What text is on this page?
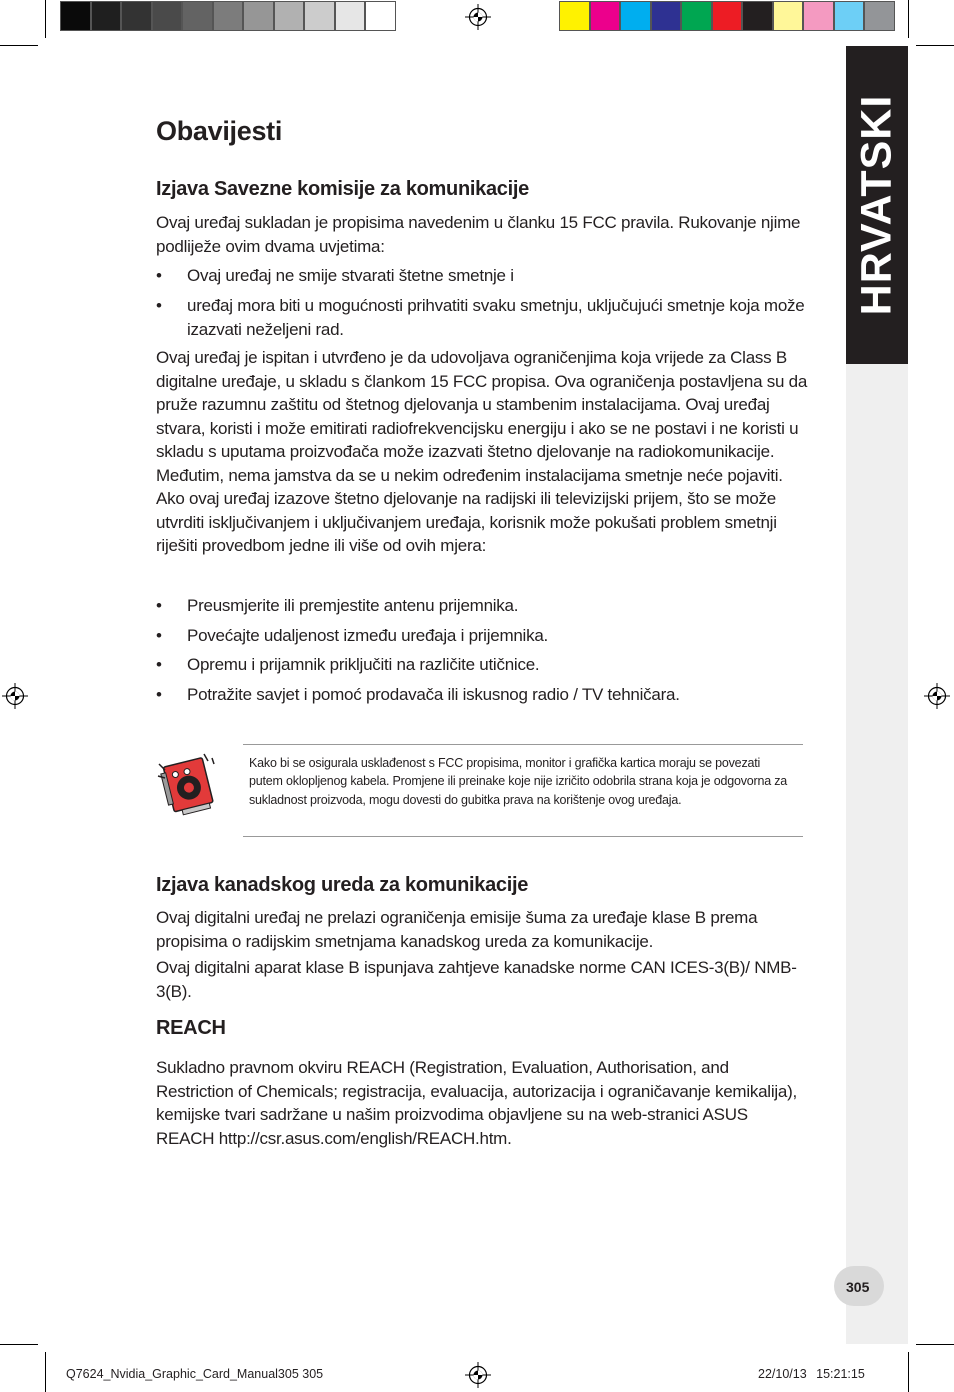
HRVATSKI
305
Obavijesti
Izjava Savezne komisije za komunikacije

Ovaj uređaj sukladan je propisima navedenim u članku 15 FCC pravila. Rukovanje njime podliježe ovim dvama uvjetima:

• Ovaj uređaj ne smije stvarati štetne smetnje i
• uređaj mora biti u mogućnosti prihvatiti svaku smetnju, uključujući smetnje koja može izazvati neželjeni rad.

Ovaj uređaj je ispitan i utvrđeno je da udovoljava ograničenjima koja vrijede za Class B digitalne uređaje, u skladu s člankom 15 FCC propisa. Ova ograničenja postavljena su da pruže razumnu zaštitu od štetnog djelovanja u stambenim instalacijama. Ovaj uređaj stvara, koristi i može emitirati radiofrekvencijsku energiju i ako se ne postavi i ne koristi u skladu s uputama proizvođača može izazvati štetno djelovanje na radiokomunikacije. Međutim, nema jamstva da se u nekim određenim instalacijama smetnje neće pojaviti. Ako ovaj uređaj izazove štetno djelovanje na radijski ili televizijski prijem, što se može utvrditi isključivanjem i uključivanjem uređaja, korisnik može pokušati problem smetnji riješiti provedbom jedne ili više od ovih mjera:

• Preusmjerite ili premjestite antenu prijemnika.
• Povećajte udaljenost između uređaja i prijemnika.
• Opremu i prijamnik priključiti na različite utičnice.
• Potražite savjet i pomoć prodavača ili iskusnog radio / TV tehničara.
Kako bi se osigurala usklađenost s FCC propisima, monitor i grafička kartica moraju se povezati putem oklopljenog kabela. Promjene ili preinake koje nije izričito odobrila strana koja je odgovorna za sukladnost proizvoda, mogu dovesti do gubitka prava na korištenje ovog uređaja.
Izjava kanadskog ureda za komunikacije

Ovaj digitalni uređaj ne prelazi ograničenja emisije šuma za uređaje klase B prema propisima o radijskim smetnjama kanadskog ureda za komunikacije.

Ovaj digitalni aparat klase B ispunjava zahtjeve kanadske norme CAN ICES-3(B)/ NMB-3(B).

REACH

Sukladno pravnom okviru REACH (Registration, Evaluation, Authorisation, and Restriction of Chemicals; registracija, evaluacija, autorizacija i ograničavanje kemikalija), kemijske tvari sadržane u našim proizvodima objavljene su na web-stranici ASUS REACH http://csr.asus.com/english/REACH.htm.

Q7624_Nvidia_Graphic_Card_Manual305 305	22/10/13 15:21:15
